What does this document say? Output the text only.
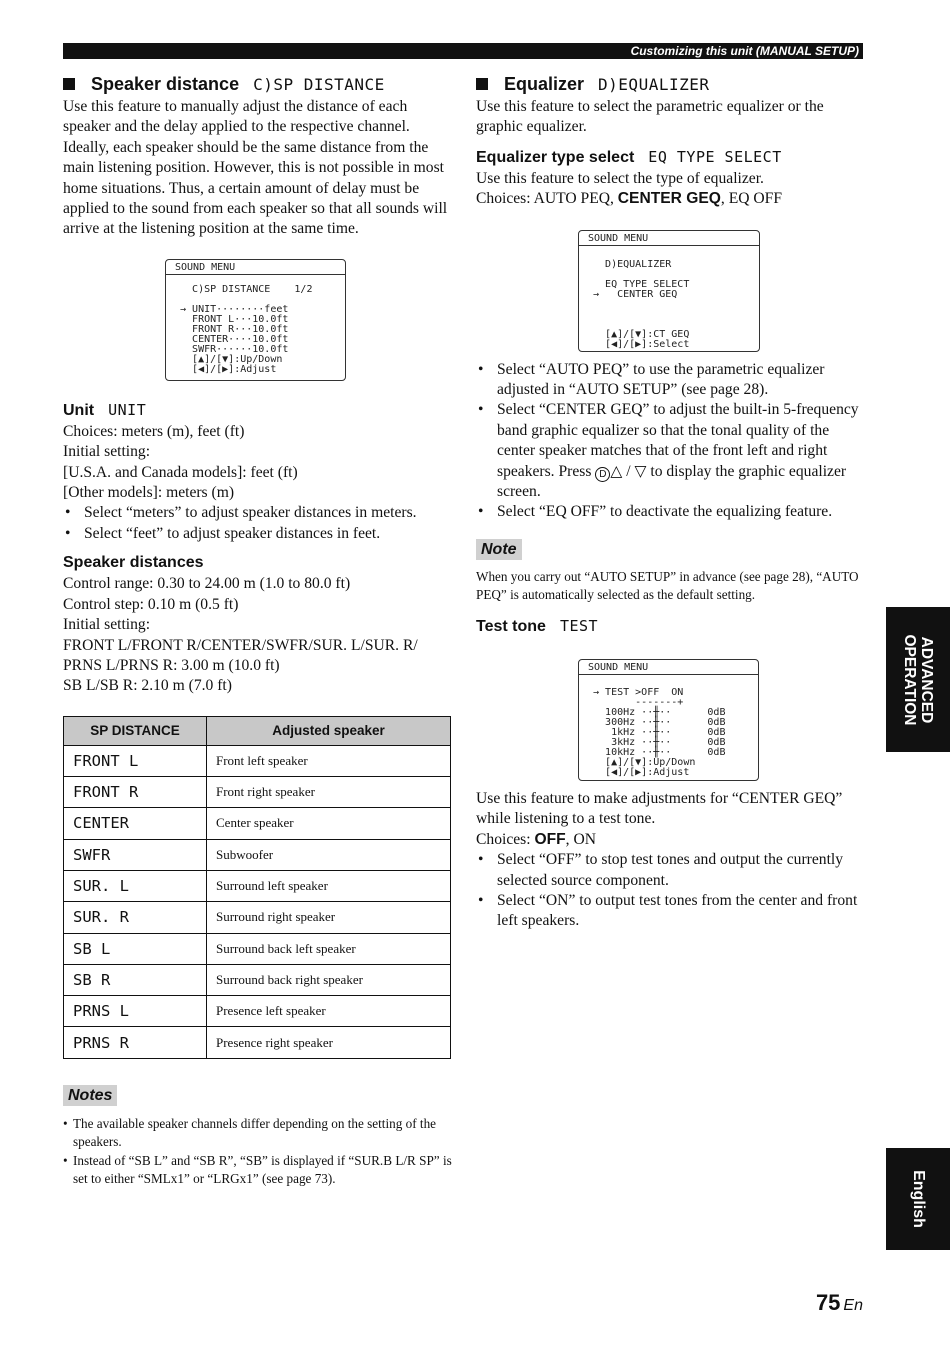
Customizing this unit (MANUAL SETUP)
Speaker distance C)SP DISTANCE

Use this feature to manually adjust the distance of each speaker and the delay applied to the respective channel. Ideally, each speaker should be the same distance from the main listening position. However, this is not possible in most home situations. Thus, a certain amount of delay must be applied to the sound from each speaker so that all sounds will arrive at the listening position at the same time.

SOUND MENU
C)SP DISTANCE    1/2
→ UNIT········feet
FRONT L···10.0ft
FRONT R···10.0ft
CENTER····10.0ft
SWFR······10.0ft
[▲]/[▼]:Up/Down
[◀]/[▶]:Adjust
Unit UNIT

Choices: meters (m), feet (ft)

Initial setting:

[U.S.A. and Canada models]: feet (ft)

[Other models]: meters (m)

• Select “meters” to adjust speaker distances in meters.
• Select “feet” to adjust speaker distances in feet.
Speaker distances

Control range: 0.30 to 24.00 m (1.0 to 80.0 ft)

Control step: 0.10 m (0.5 ft)

Initial setting:

FRONT L/FRONT R/CENTER/SWFR/SUR. L/SUR. R/

PRNS L/PRNS R: 3.00 m (10.0 ft)

SB L/SB R: 2.10 m (7.0 ft)

SP DISTANCE	Adjusted speaker
FRONT L	Front left speaker
FRONT R	Front right speaker
CENTER	Center speaker
SWFR	Subwoofer
SUR. L	Surround left speaker
SUR. R	Surround right speaker
SB L	Surround back left speaker
SB R	Surround back right speaker
PRNS L	Presence left speaker
PRNS R	Presence right speaker
Notes
• The available speaker channels differ depending on the setting of the speakers.
• Instead of “SB L” and “SB R”, “SB” is displayed if “SUR.B L/R SP” is set to either “SMLx1” or “LRGx1” (see page 73).
Equalizer D)EQUALIZER

Use this feature to select the parametric equalizer or the graphic equalizer.

Equalizer type select EQ TYPE SELECT

Use this feature to select the type of equalizer.

Choices: AUTO PEQ, CENTER GEQ, EQ OFF

SOUND MENU
D)EQUALIZER
EQ TYPE SELECT
→   CENTER GEQ
[▲]/[▼]:CT GEQ
[◀]/[▶]:Select
• Select “AUTO PEQ” to use the parametric equalizer adjusted in “AUTO SETUP” (see page 28).
• Select “CENTER GEQ” to adjust the built-in 5-frequency band graphic equalizer so that the tonal quality of the center speaker matches that of the front left and right speakers. Press D △ / ▽ to display the graphic equalizer screen.
• Select “EQ OFF” to deactivate the equalizing feature.
Note

When you carry out “AUTO SETUP” in advance (see page 28), “AUTO PEQ” is automatically selected as the default setting.

Test tone TEST
SOUND MENU
→ TEST >OFF  ON
-------+
100Hz ··╫··      0dB
300Hz ··╫··      0dB
1kHz ··╫··      0dB
3kHz ··╫··      0dB
10kHz ··╫··      0dB
[▲]/[▼]:Up/Down
[◀]/[▶]:Adjust

Use this feature to make adjustments for “CENTER GEQ” while listening to a test tone.

Choices: OFF, ON

• Select “OFF” to stop test tones and output the currently selected source component.
• Select “ON” to output test tones from the center and front left speakers.
ADVANCED
OPERATION
English
75 En
